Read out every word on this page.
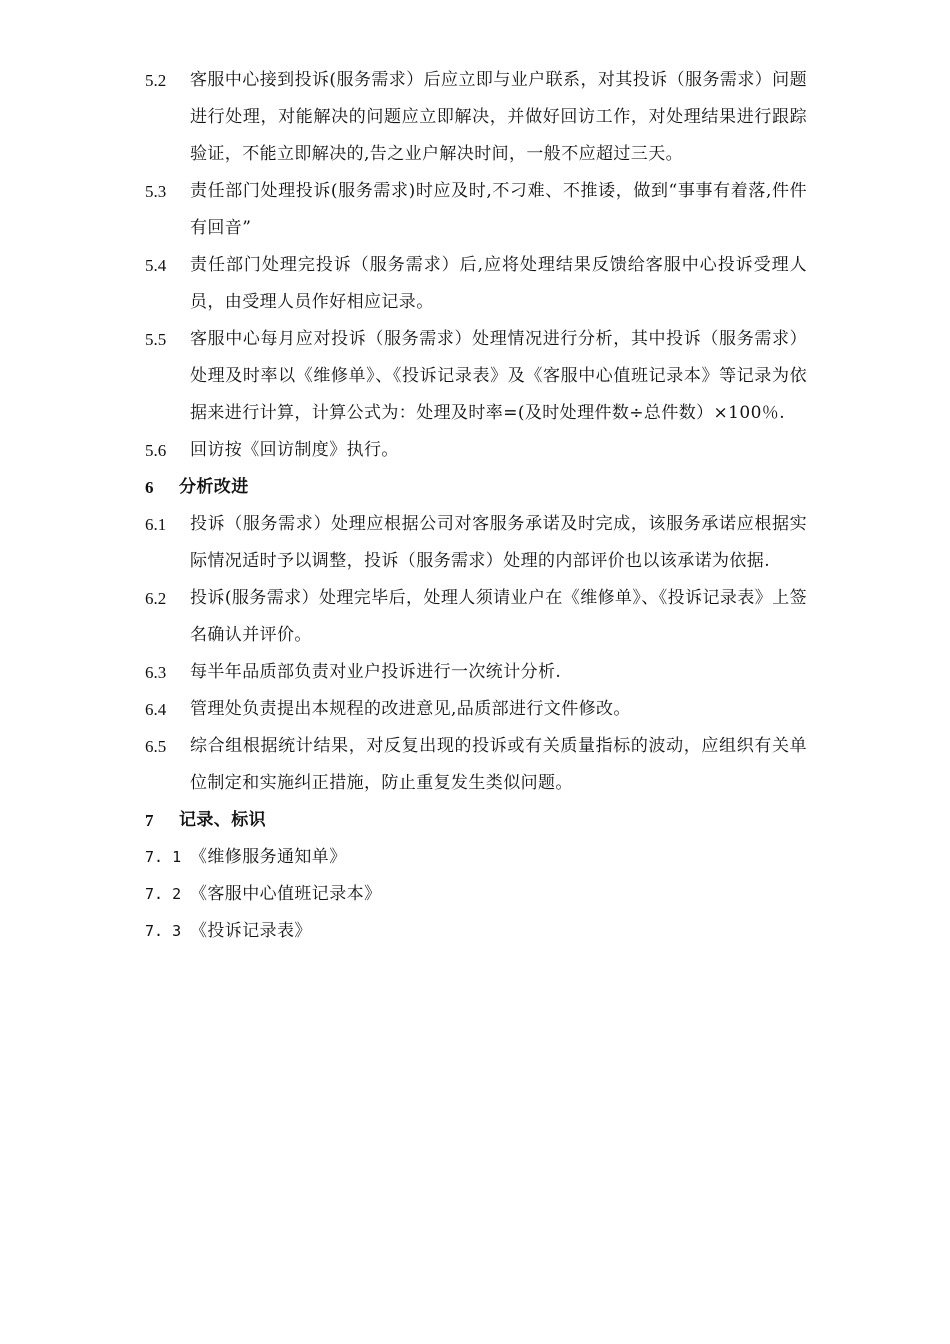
5.2	客服中心接到投诉(服务需求）后应立即与业户联系，对其投诉（服务需求）问题进行处理，对能解决的问题应立即解决，并做好回访工作，对处理结果进行跟踪验证，不能立即解决的,告之业户解决时间，一般不应超过三天。
5.3	责任部门处理投诉(服务需求)时应及时,不刁难、不推诿，做到“事事有着落,件件有回音”
5.4	责任部门处理完投诉（服务需求）后,应将处理结果反馈给客服中心投诉受理人员，由受理人员作好相应记录。
5.5	客服中心每月应对投诉（服务需求）处理情况进行分析，其中投诉（服务需求）处理及时率以《维修单》、《投诉记录表》及《客服中心值班记录本》等记录为依据来进行计算，计算公式为：处理及时率=(及时处理件数÷总件数）×100％.
5.6	回访按《回访制度》执行。
6	分析改进
6.1	投诉（服务需求）处理应根据公司对客服务承诺及时完成，该服务承诺应根据实际情况适时予以调整，投诉（服务需求）处理的内部评价也以该承诺为依据.
6.2	投诉(服务需求）处理完毕后，处理人须请业户在《维修单》、《投诉记录表》上签名确认并评价。
6.3	每半年品质部负责对业户投诉进行一次统计分析.
6.4	管理处负责提出本规程的改进意见,品质部进行文件修改。
6.5	综合组根据统计结果，对反复出现的投诉或有关质量指标的波动，应组织有关单位制定和实施纠正措施，防止重复发生类似问题。
7	记录、标识
7. 1 《维修服务通知单》
7. 2 《客服中心值班记录本》
7. 3 《投诉记录表》
